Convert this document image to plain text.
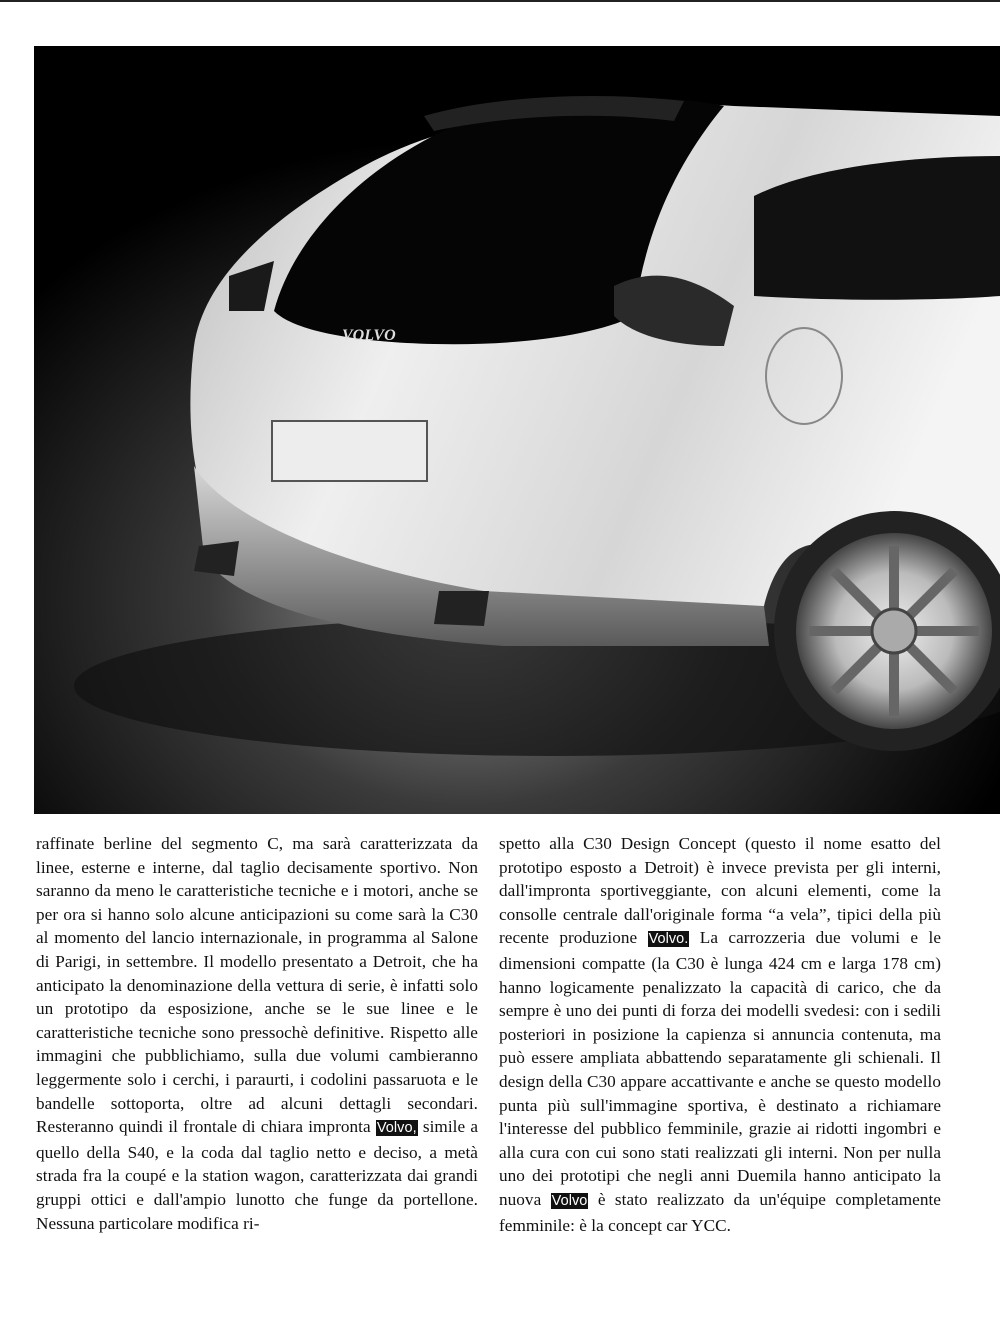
VOLVO

raffinate berline del segmento C, ma sarà caratterizzata da linee, esterne e interne, dal taglio decisamente sportivo. Non saranno da meno le caratteristiche tecniche e i motori, anche se per ora si hanno solo alcune anticipazioni su come sarà la C30 al momento del lancio internazionale, in programma al Salone di Parigi, in settembre. Il modello presentato a Detroit, che ha anticipato la denominazione della vettura di serie, è infatti solo un prototipo da esposizione, anche se le sue linee e le caratteristiche tecniche sono pressochè definitive. Rispetto alle immagini che pubblichiamo, sulla due volumi cambieranno leggermente solo i cerchi, i paraurti, i codolini passaruota e le bandelle sottoporta, oltre ad alcuni dettagli secondari. Resteranno quindi il frontale di chiara impronta Volvo, simile a quello della S40, e la coda dal taglio netto e deciso, a metà strada fra la coupé e la station wagon, caratterizzata dai grandi gruppi ottici e dall'ampio lunotto che funge da portellone. Nessuna particolare modifica ri-

spetto alla C30 Design Concept (questo il nome esatto del prototipo esposto a Detroit) è invece prevista per gli interni, dall'impronta sportiveggiante, con alcuni elementi, come la consolle centrale dall'originale forma “a vela”, tipici della più recente produzione Volvo. La carrozzeria due volumi e le dimensioni compatte (la C30 è lunga 424 cm e larga 178 cm) hanno logicamente penalizzato la capacità di carico, che da sempre è uno dei punti di forza dei modelli svedesi: con i sedili posteriori in posizione la capienza si annuncia contenuta, ma può essere ampliata abbattendo separatamente gli schienali. Il design della C30 appare accattivante e anche se questo modello punta più sull'immagine sportiva, è destinato a richiamare l'interesse del pubblico femminile, grazie ai ridotti ingombri e alla cura con cui sono stati realizzati gli interni. Non per nulla uno dei prototipi che negli anni Duemila hanno anticipato la nuova Volvo è stato realizzato da un'équipe completamente femminile: è la concept car YCC.
